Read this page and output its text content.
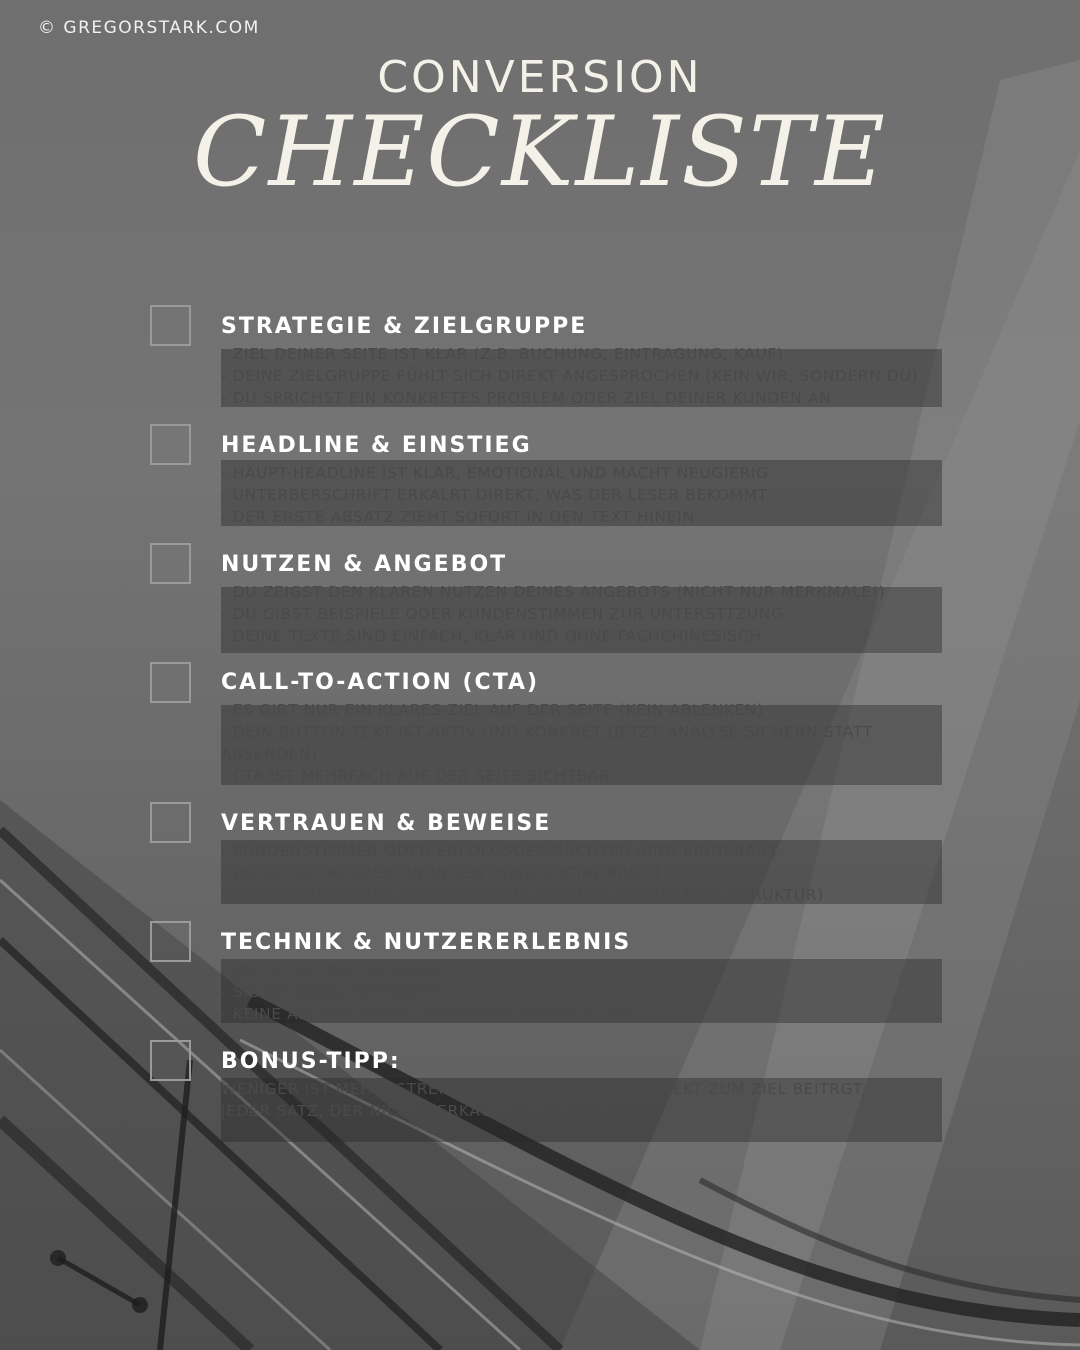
© GREGORSTARK.COM
CONVERSION
CHECKLISTE
STRATEGIE & ZIELGRUPPE
- ZIEL DEINER SEITE IST KLAR (Z.B. BUCHUNG, EINTRAGUNG, KAUF)
- DEINE ZIELGRUPPE FÜHLT SICH DIREKT ANGESPROCHEN (KEIN WIR, SONDERN DU)
- DU SPRICHST EIN KONKRETES PROBLEM ODER ZIEL DEINER KUNDEN AN
HEADLINE & EINSTIEG
- HAUPT-HEADLINE IST KLAR, EMOTIONAL UND MACHT NEUGIERIG
- UNTERBERSCHRIFT ERKALRT DIREKT, WAS DER LESER BEKOMMT
- DER ERSTE ABSATZ ZIEHT SOFORT IN DEN TEXT HINEIN
NUTZEN & ANGEBOT
- DU ZEIGST DEN KLAREN NUTZEN DEINES ANGEBOTS (NICHT NUR MERKMALE!)
- DU GIBST BEISPIELE ODER KUNDENSTIMMEN ZUR UNTERSTTZUNG
- DEINE TEXTE SIND EINFACH, KLAR UND OHNE FACHCHINESISCH
CALL-TO-ACTION (CTA)
- ES GIBT NUR EIN KLARES ZIEL AUF DER SEITE (KEIN ABLENKEN)
- DEIN BUTTON-TEXT IST AKTIV UND KONKRET (JETZT ANALYSE SICHERN STATT ABSENDEN)
- CTA IST MEHRFACH AUF DER SEITE SICHTBAR
VERTRAUEN & BEWEISE
- KUNDENSTIMMEN ODER ERFOLGSGESCHICHTEN SIND EINGEBAUT
- DU ZEIGST AUSZEICHNUNGEN ODER SOCIAL PROOF
- DEINE SEITE WIRKT PROFESSIONELL (DESIGN, LESBARKEIT, STRUKTUR)
TECHNIK & NUTZERERLEBNIS
- DIE SEITE LADT SCHNELL
- SIE IST MOBIL OPTIMIERT
- KEINE ABLENKUNGEN: FOKUS AUF INHALT & ZIEL
BONUS-TIPP:
WENIGER IST MEHR! STREICHE ALLES, WAS NICHT DIREKT ZUM ZIEL BEITRGT
JEDER SATZ, DER NICHT VERKAUFT, IST ZU VIEL.
